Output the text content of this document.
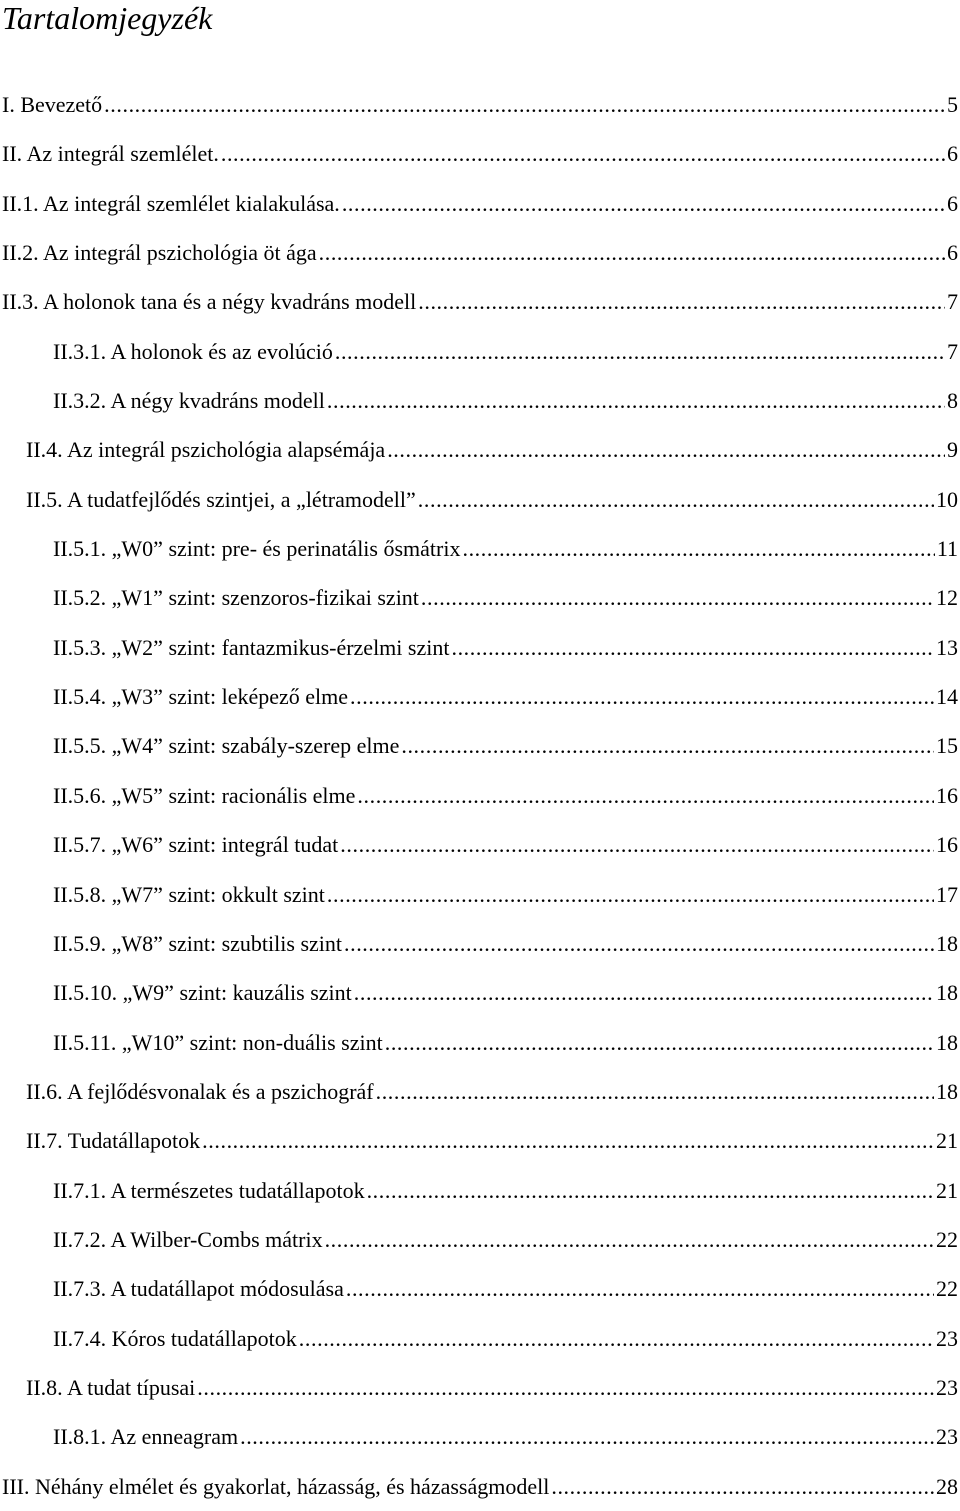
Tartalomjegyzék
I. Bevezető .....	5
II. Az integrál szemlélet. .....	6
II.1. Az integrál szemlélet kialakulása. .....	6
II.2. Az integrál pszichológia öt ága .....	6
II.3. A holonok tana és a négy kvadráns modell .....	7
II.3.1. A holonok és az evolúció .....	7
II.3.2. A négy kvadráns modell .....	8
II.4. Az integrál pszichológia alapsémája .....	9
II.5. A tudatfejlődés szintjei, a „létramodell” .....	10
II.5.1. „W0” szint: pre- és perinatális ősmátrix .....	11
II.5.2. „W1” szint: szenzoros-fizikai szint .....	12
II.5.3. „W2” szint: fantazmikus-érzelmi szint .....	13
II.5.4. „W3” szint: leképező elme .....	14
II.5.5. „W4” szint: szabály-szerep elme .....	15
II.5.6. „W5” szint: racionális elme .....	16
II.5.7. „W6” szint: integrál tudat .....	16
II.5.8. „W7” szint: okkult szint .....	17
II.5.9. „W8” szint: szubtilis szint .....	18
II.5.10. „W9” szint: kauzális szint .....	18
II.5.11. „W10” szint: non-duális szint .....	18
II.6. A fejlődésvonalak és a pszichográf .....	18
II.7. Tudatállapotok .....	21
II.7.1. A természetes tudatállapotok .....	21
II.7.2. A Wilber-Combs mátrix .....	22
II.7.3. A tudatállapot módosulása .....	22
II.7.4. Kóros tudatállapotok .....	23
II.8. A tudat típusai .....	23
II.8.1. Az enneagram .....	23
III. Néhány elmélet és gyakorlat, házasság, és házasságmodell .....	28
